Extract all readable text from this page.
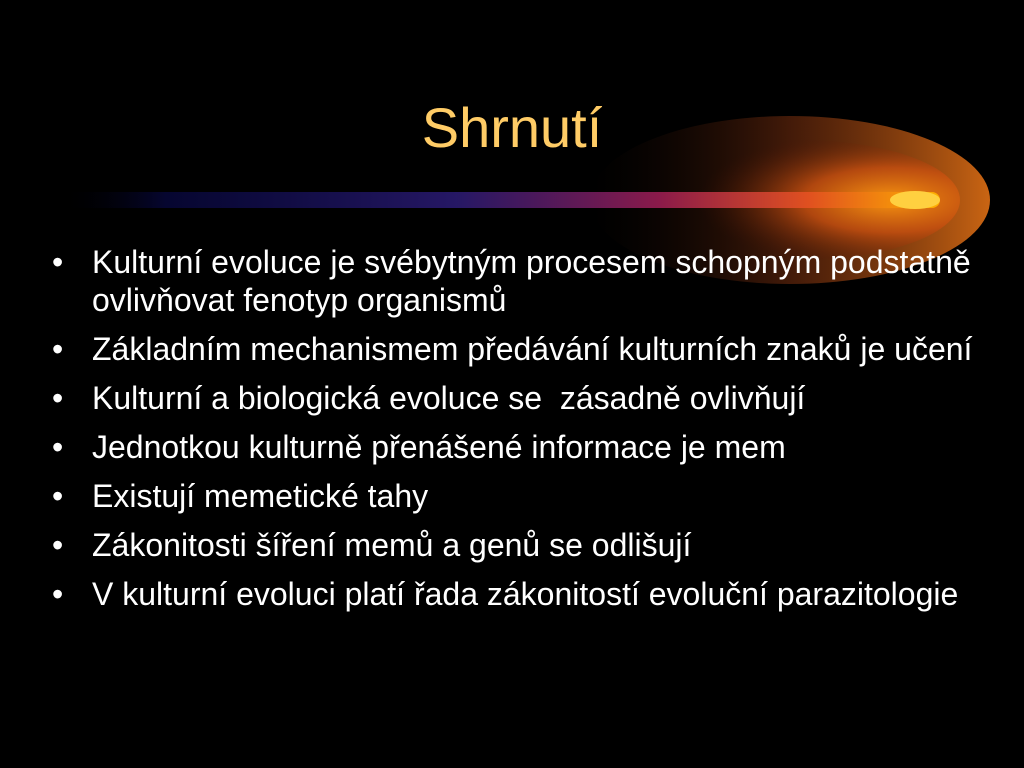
Shrnutí
• Kulturní evoluce je svébytným procesem schopným podstatně ovlivňovat fenotyp organismů
• Základním mechanismem předávání kulturních znaků je učení
• Kulturní a biologická evoluce se  zásadně ovlivňují
• Jednotkou kulturně přenášené informace je mem
• Existují memetické tahy
• Zákonitosti šíření memů a genů se odlišují
• V kulturní evoluci platí řada zákonitostí evoluční parazitologie
